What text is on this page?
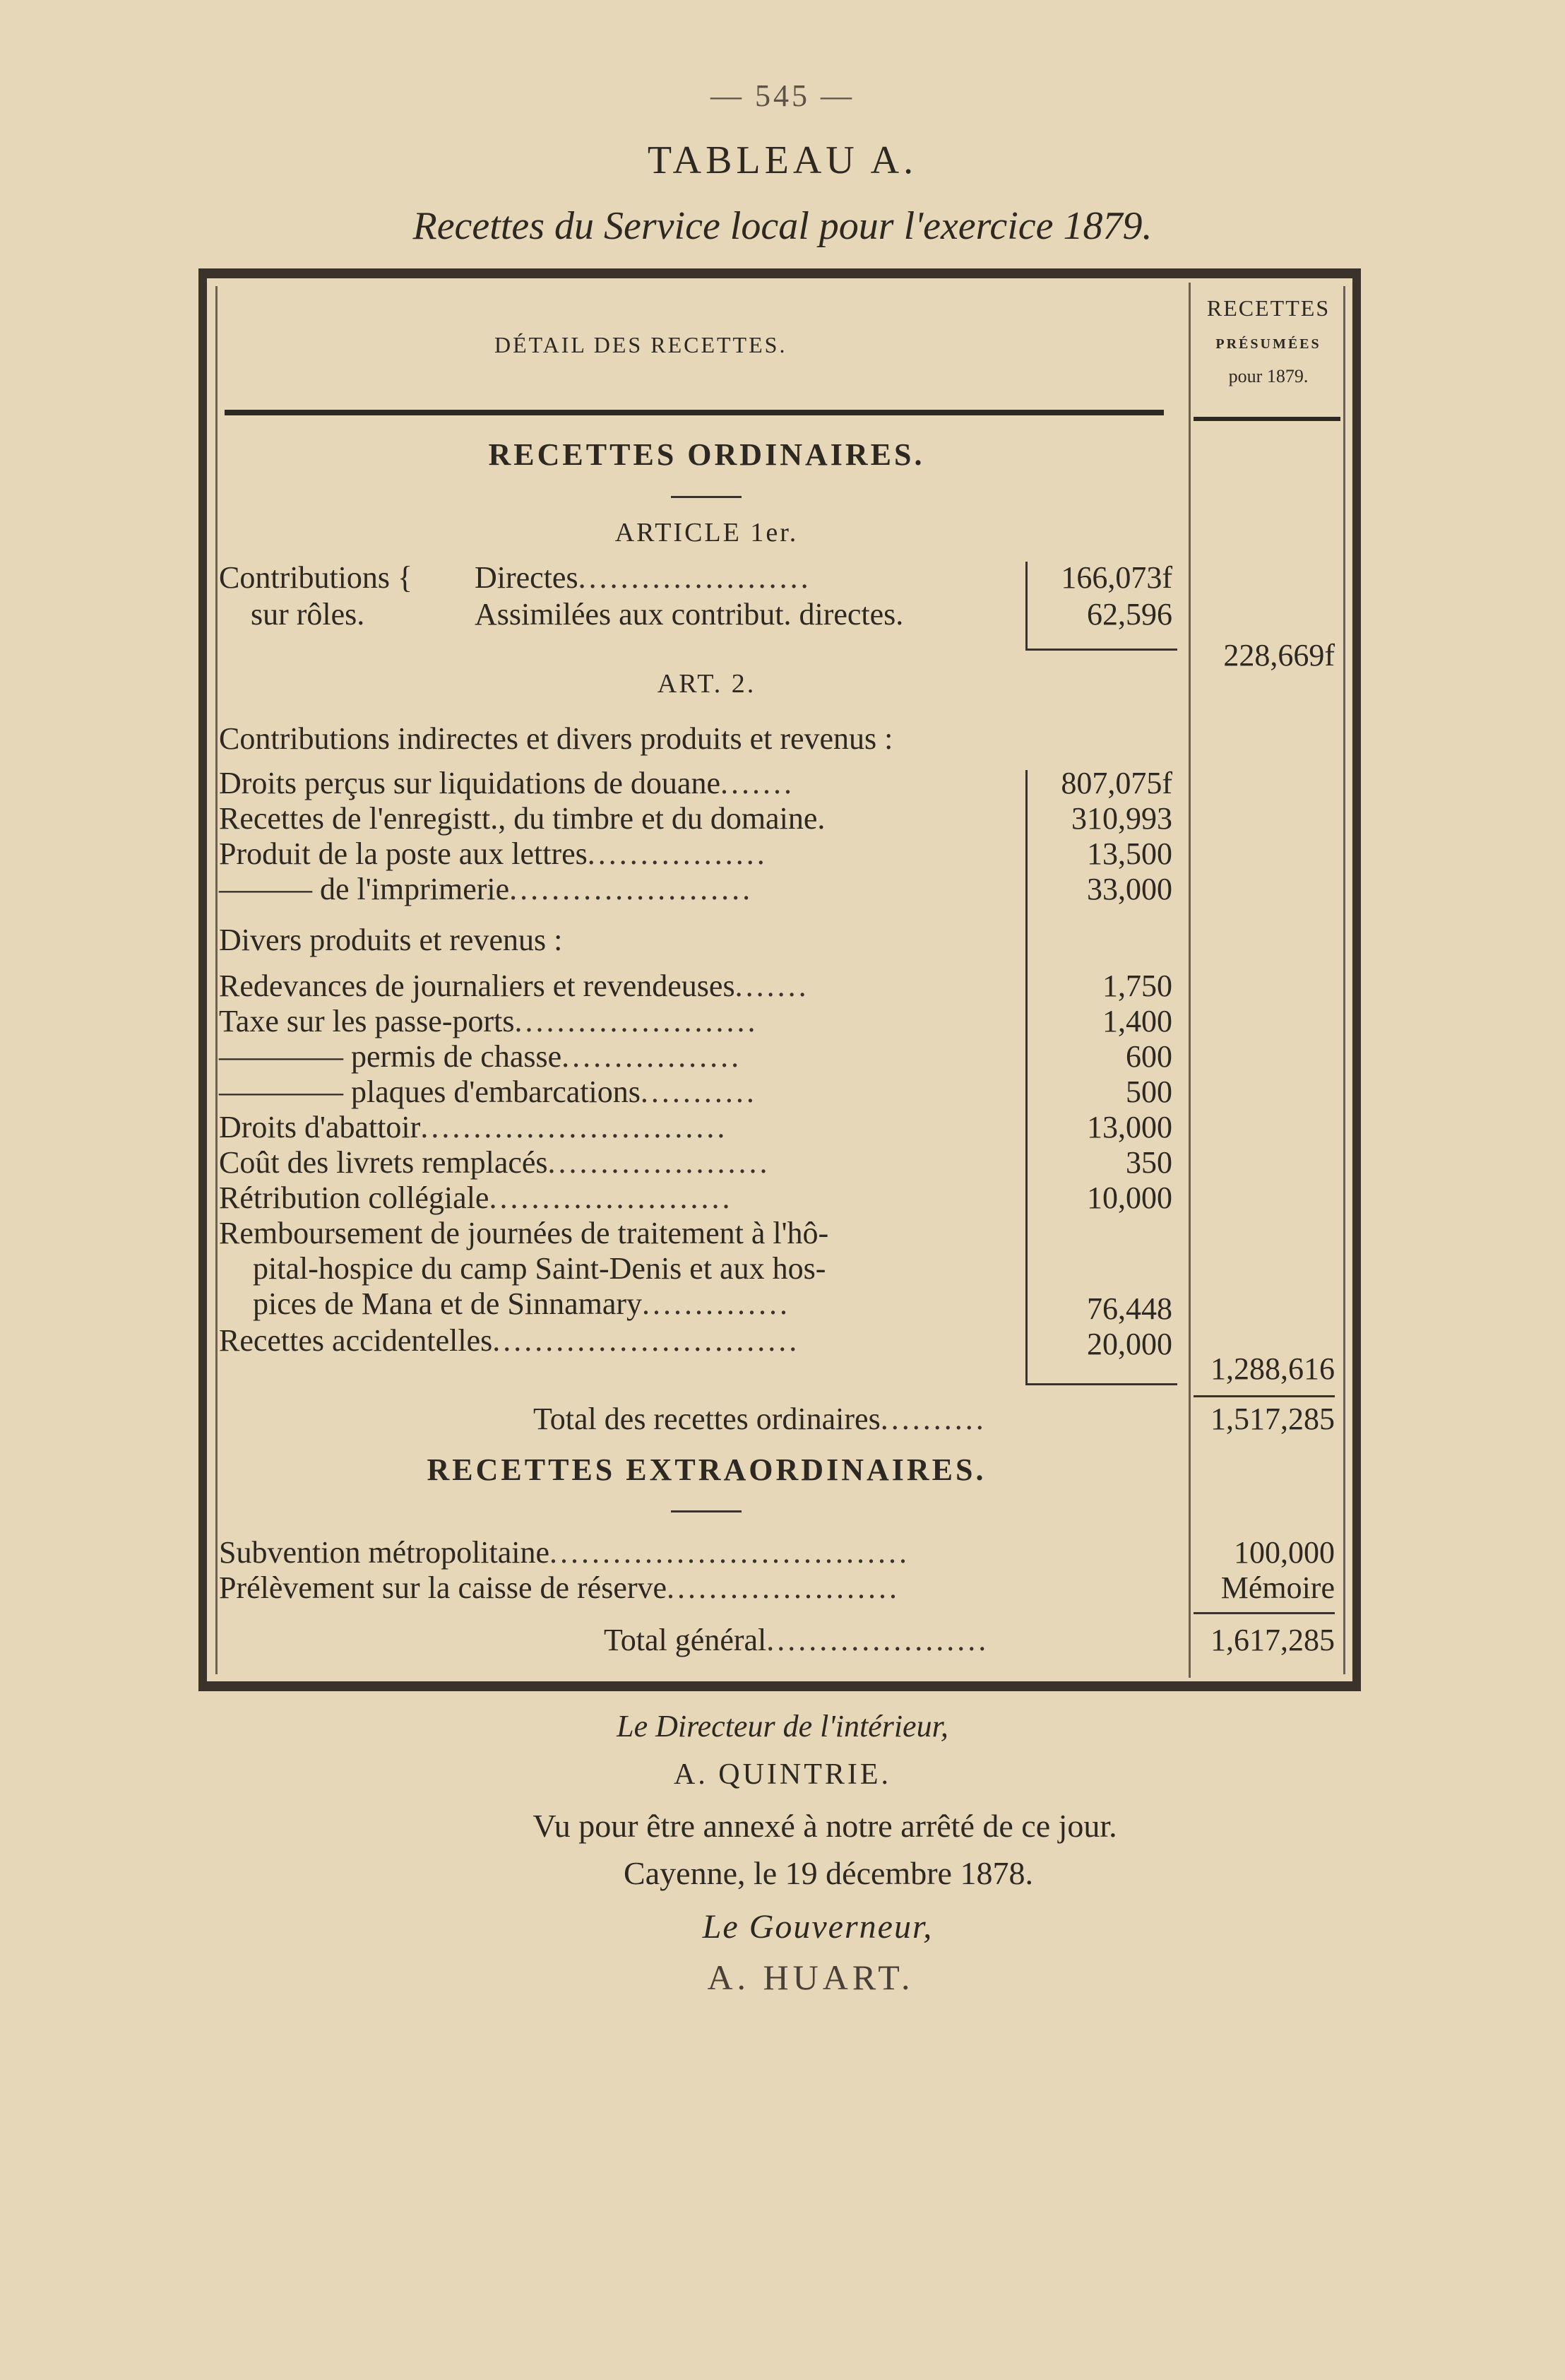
— 545 —
TABLEAU A.
Recettes du Service local pour l'exercice 1879.
DÉTAIL DES RECETTES.
RECETTES
PRÉSUMÉES
pour 1879.
RECETTES ORDINAIRES.
ARTICLE 1er.
Contributions {
sur rôles.
Directes......................	166,073f
Assimilées aux contribut. directes.	62,596
228,669f
ART. 2.
Contributions indirectes et divers produits et revenus :
Droits perçus sur liquidations de douane.......	807,075f
Recettes de l'enregistt., du timbre et du domaine.	310,993
Produit de la poste aux lettres.................	13,500
——— de l'imprimerie.......................	33,000
Divers produits et revenus :
Redevances de journaliers et revendeuses.......	1,750
Taxe sur les passe-ports.......................	1,400
———— permis de chasse.................	600
———— plaques d'embarcations...........	500
Droits d'abattoir.............................	13,000
Coût des livrets remplacés.....................	350
Rétribution collégiale.......................	10,000
Remboursement de journées de traitement à l'hô-
pital-hospice du camp Saint-Denis et aux hos-
pices de Mana et de Sinnamary..............	76,448
Recettes accidentelles.............................	20,000
1,288,616
Total des recettes ordinaires..........	1,517,285
RECETTES EXTRAORDINAIRES.
Subvention métropolitaine..................................	100,000
Prélèvement sur la caisse de réserve......................	Mémoire
Total général.....................	1,617,285
Le Directeur de l'intérieur,
A. QUINTRIE.
Vu pour être annexé à notre arrêté de ce jour.
Cayenne, le 19 décembre 1878.
Le Gouverneur,
A. HUART.
